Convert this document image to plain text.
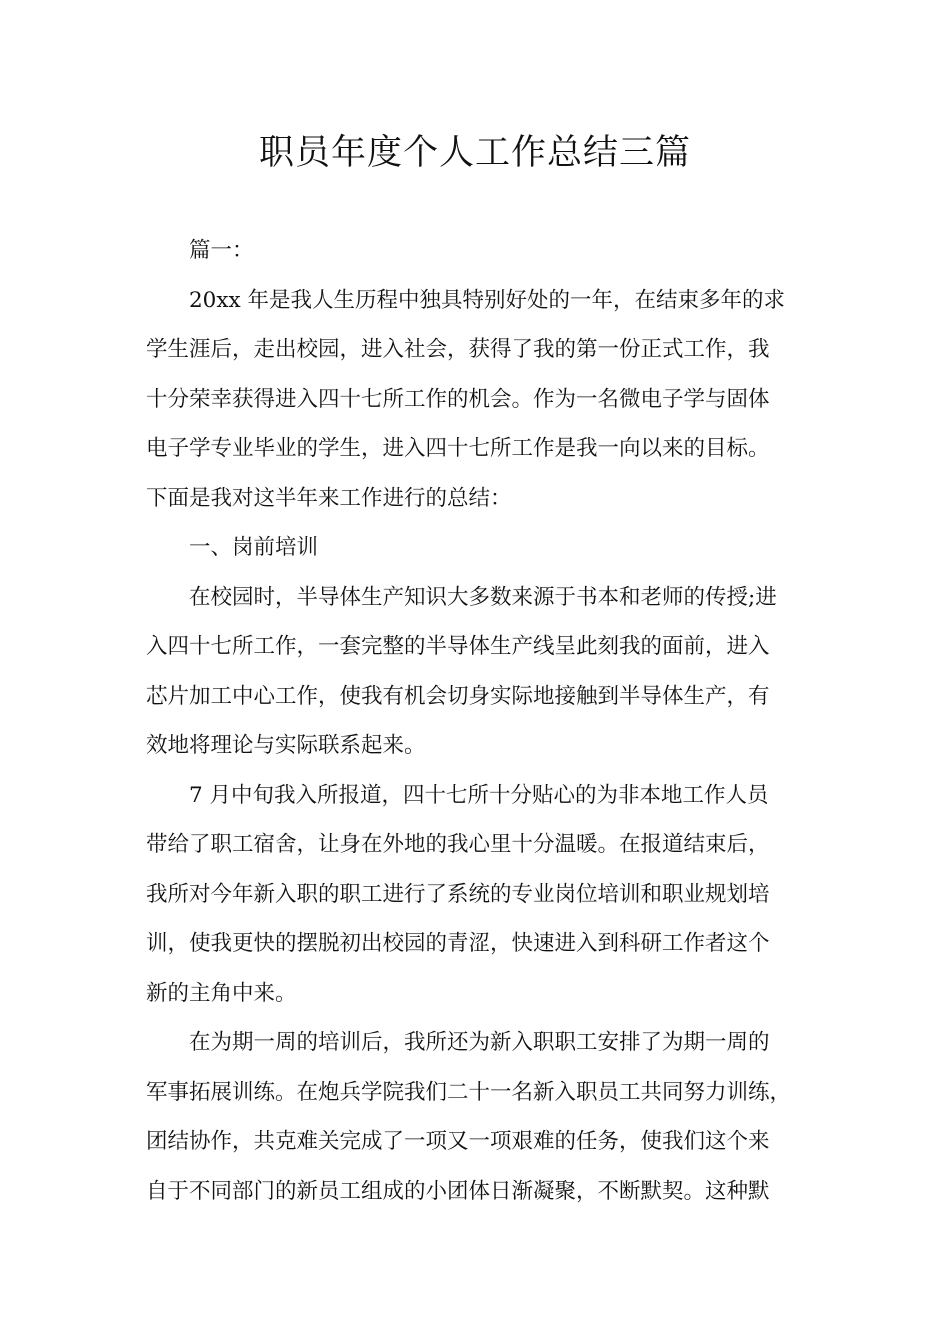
职员年度个人工作总结三篇
篇一：
20xx 年是我人生历程中独具特别好处的一年，在结束多年的求
学生涯后，走出校园，进入社会，获得了我的第一份正式工作，我
十分荣幸获得进入四十七所工作的机会。作为一名微电子学与固体
电子学专业毕业的学生，进入四十七所工作是我一向以来的目标。
下面是我对这半年来工作进行的总结：
一、岗前培训
在校园时，半导体生产知识大多数来源于书本和老师的传授;进
入四十七所工作，一套完整的半导体生产线呈此刻我的面前，进入
芯片加工中心工作，使我有机会切身实际地接触到半导体生产，有
效地将理论与实际联系起来。
7 月中旬我入所报道，四十七所十分贴心的为非本地工作人员
带给了职工宿舍，让身在外地的我心里十分温暖。在报道结束后，
我所对今年新入职的职工进行了系统的专业岗位培训和职业规划培
训，使我更快的摆脱初出校园的青涩，快速进入到科研工作者这个
新的主角中来。
在为期一周的培训后，我所还为新入职职工安排了为期一周的
军事拓展训练。在炮兵学院我们二十一名新入职员工共同努力训练，
团结协作，共克难关完成了一项又一项艰难的任务，使我们这个来
自于不同部门的新员工组成的小团体日渐凝聚，不断默契。这种默
